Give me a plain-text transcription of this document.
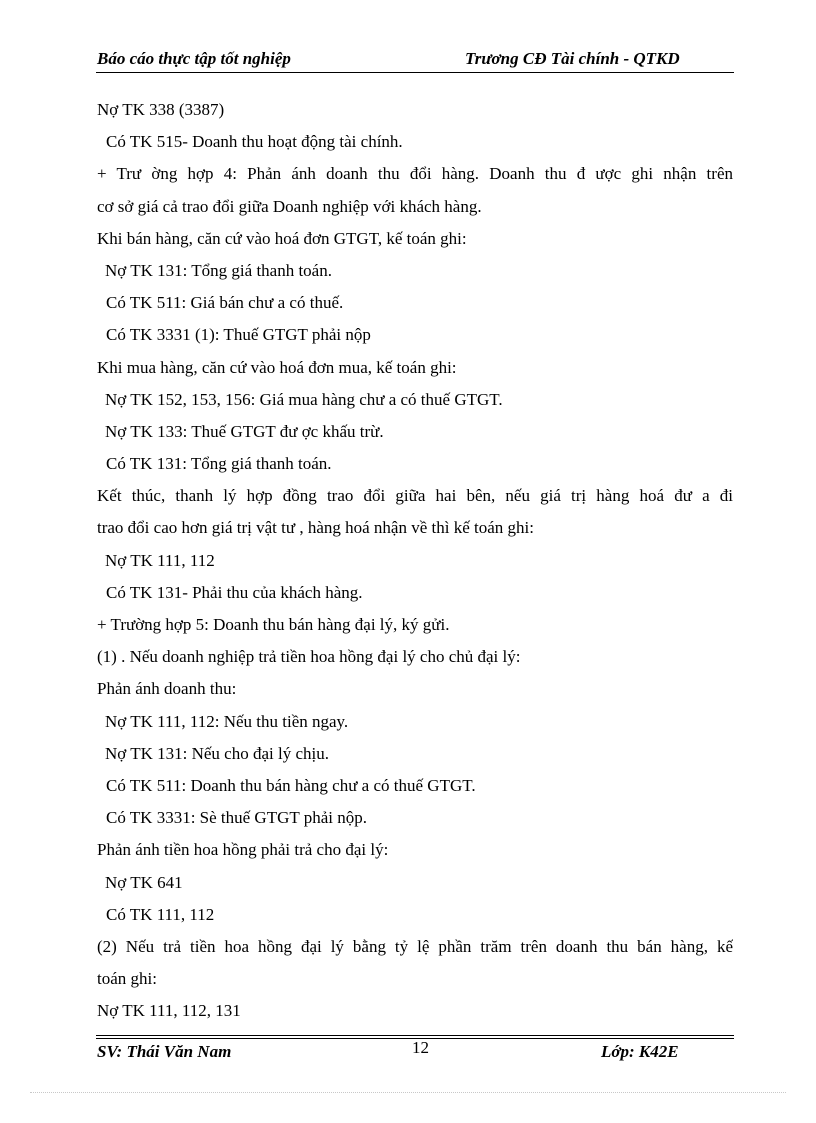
Báo cáo thực tập tốt nghiệp	Trương CĐ Tài chính - QTKD
Nợ TK 338 (3387)
Có TK 515- Doanh thu hoạt động tài chính.
+ Trư ờng hợp 4: Phản ánh doanh thu đổi hàng. Doanh thu đ ược ghi nhận trên
cơ sở giá cả trao đổi giữa Doanh nghiệp với khách hàng.
Khi bán hàng, căn cứ vào hoá đơn GTGT, kế toán ghi:
Nợ TK 131: Tổng giá thanh toán.
Có TK 511: Giá bán chư a có thuế.
Có TK 3331 (1): Thuế GTGT phải nộp
Khi mua hàng, căn cứ vào hoá đơn mua, kế toán ghi:
Nợ TK 152, 153, 156: Giá mua hàng chư a có thuế GTGT.
Nợ TK 133: Thuế GTGT đư ợc khấu trừ.
Có TK 131: Tổng giá thanh toán.
Kết thúc, thanh lý hợp đồng trao đổi giữa hai bên, nếu giá trị hàng hoá đư a đi
trao đổi cao hơn giá trị vật tư , hàng hoá nhận về thì kế toán ghi:
Nợ TK 111, 112
Có TK 131- Phải thu của khách hàng.
+ Trường hợp 5: Doanh thu bán hàng đại lý, ký gửi.
(1) . Nếu doanh nghiệp trả tiền hoa hồng đại lý cho chủ đại lý:
Phản ánh doanh thu:
Nợ TK 111, 112: Nếu thu tiền ngay.
Nợ TK 131: Nếu cho đại lý chịu.
Có TK 511: Doanh thu bán hàng chư a có thuế GTGT.
Có TK 3331: Sè thuế GTGT phải nộp.
Phản ánh tiền hoa hồng phải trả cho đại lý:
Nợ TK 641
Có TK 111, 112
(2) Nếu trả tiền hoa hồng đại lý bằng tỷ lệ phần trăm trên doanh thu bán hàng, kế
toán ghi:
Nợ TK 111, 112, 131
SV: Thái Văn Nam	12	Lớp: K42E
